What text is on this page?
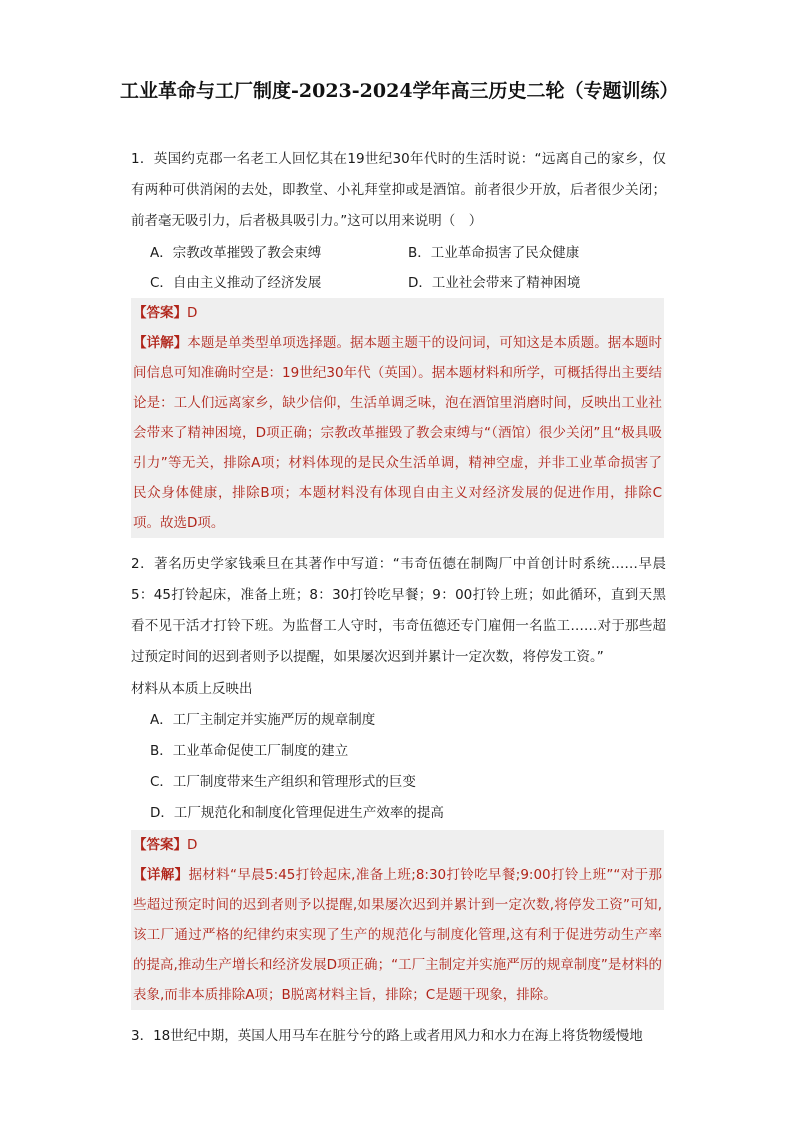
工业革命与工厂制度-2023-2024学年高三历史二轮（专题训练）
1．英国约克郡一名老工人回忆其在19世纪30年代时的生活时说：“远离自己的家乡，仅有两种可供消闲的去处，即教堂、小礼拜堂抑或是酒馆。前者很少开放，后者很少关闭；前者毫无吸引力，后者极具吸引力。”这可以用来说明（　）
A．宗教改革摧毁了教会束缚	B．工业革命损害了民众健康
C．自由主义推动了经济发展	D．工业社会带来了精神困境
【答案】D
【详解】本题是单类型单项选择题。据本题主题干的设问词，可知这是本质题。据本题时间信息可知准确时空是：19世纪30年代（英国）。据本题材料和所学，可概括得出主要结论是：工人们远离家乡，缺少信仰，生活单调乏味，泡在酒馆里消磨时间，反映出工业社会带来了精神困境，D项正确；宗教改革摧毁了教会束缚与“（酒馆）很少关闭”且“极具吸引力”等无关，排除A项；材料体现的是民众生活单调，精神空虚，并非工业革命损害了民众身体健康，排除B项；本题材料没有体现自由主义对经济发展的促进作用，排除C项。故选D项。
2．著名历史学家钱乘旦在其著作中写道：“韦奇伍德在制陶厂中首创计时系统……早晨5：45打铃起床，准备上班；8：30打铃吃早餐；9：00打铃上班；如此循环，直到天黑看不见干活才打铃下班。为监督工人守时，韦奇伍德还专门雇佣一名监工……对于那些超过预定时间的迟到者则予以提醒，如果屡次迟到并累计一定次数，将停发工资。”
材料从本质上反映出
A．工厂主制定并实施严厉的规章制度
B．工业革命促使工厂制度的建立
C．工厂制度带来生产组织和管理形式的巨变
D．工厂规范化和制度化管理促进生产效率的提高
【答案】D
【详解】据材料“早晨5:45打铃起床,准备上班;8:30打铃吃早餐;9:00打铃上班”“对于那些超过预定时间的迟到者则予以提醒,如果屡次迟到并累计到一定次数,将停发工资”可知,该工厂通过严格的纪律约束实现了生产的规范化与制度化管理,这有利于促进劳动生产率的提高,推动生产增长和经济发展D项正确；“工厂主制定并实施严厉的规章制度”是材料的表象,而非本质排除A项；B脱离材料主旨，排除；C是题干现象，排除。
3．18世纪中期，英国人用马车在脏兮兮的路上或者用风力和水力在海上将货物缓慢地
